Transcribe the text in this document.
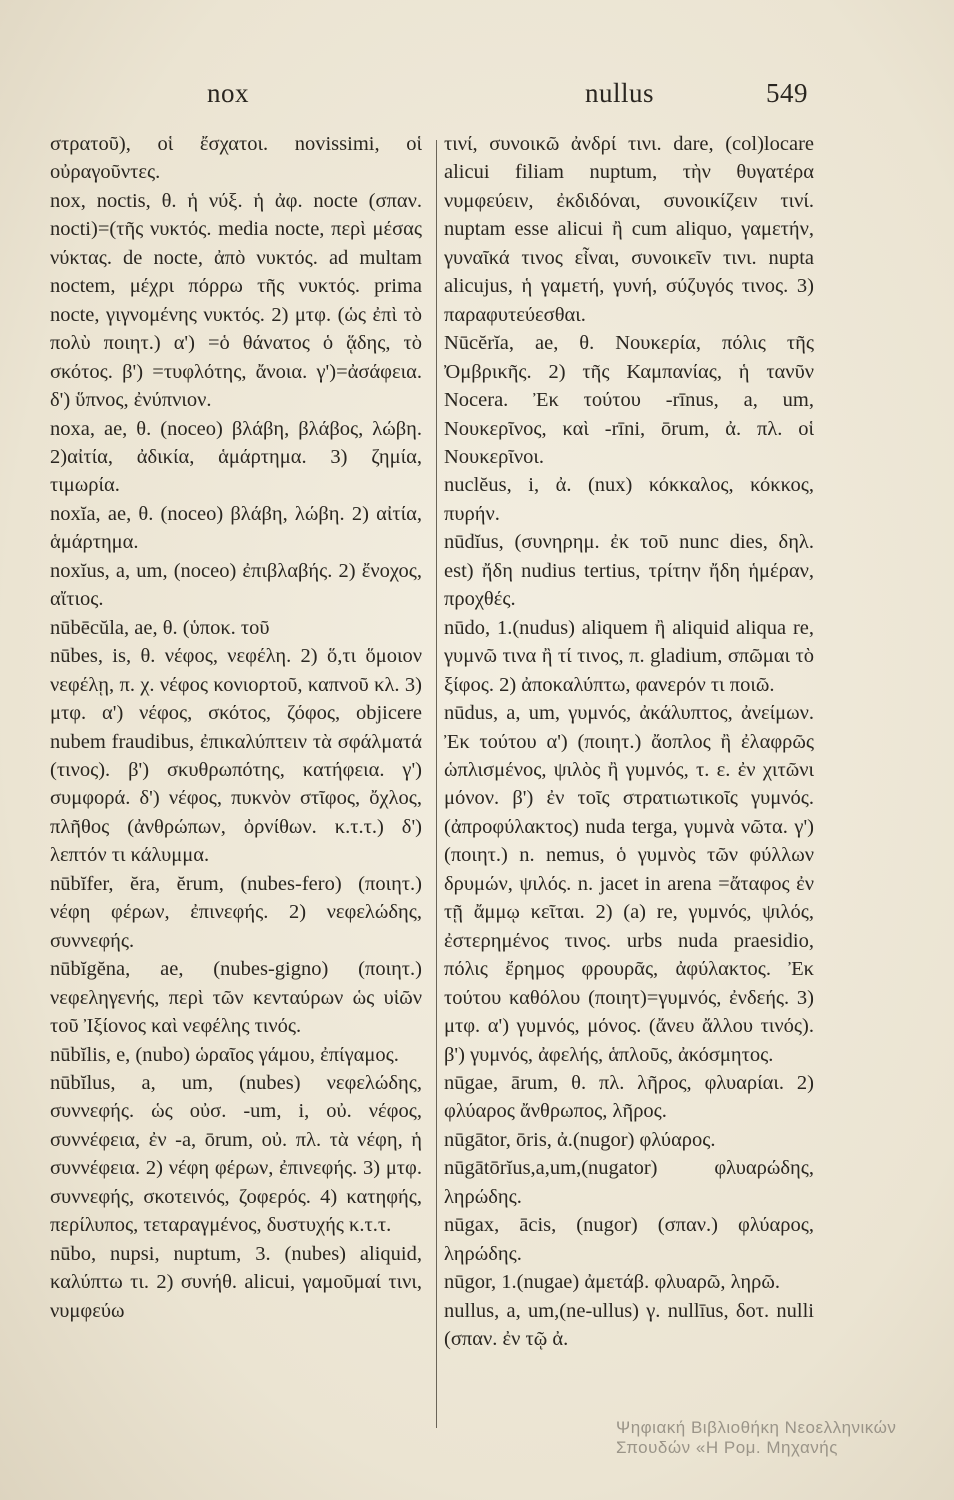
nox	nullus	549

στρατοῦ), οἱ ἔσχατοι. novissimi, οἱ οὐραγοῦντες.

nox, noctis, θ. ἡ νύξ. ἡ ἀφ. nocte (σπαν. nocti)=(τῆς νυκτός. media nocte, περὶ μέσας νύκτας. de nocte, ἀπὸ νυκτός. ad multam noctem, μέχρι πόρρω τῆς νυκτός. prima nocte, γιγνομένης νυκτός. 2) μτφ. (ὡς ἐπὶ τὸ πολὺ ποιητ.) α') =ὁ θάνατος ὁ ᾅδης, τὸ σκότος. β') =τυφλότης, ἄνοια. γ')=ἀσάφεια. δ') ὕπνος, ἐνύπνιον.

noxa, ae, θ. (noceo) βλάβη, βλάβος, λώβη. 2)αἰτία, ἀδικία, ἁμάρτημα. 3) ζημία, τιμωρία.

noxĭa, ae, θ. (noceo) βλάβη, λώβη. 2) αἰτία, ἁμάρτημα.

noxĭus, a, um, (noceo) ἐπιβλαβής. 2) ἔνοχος, αἴτιος.

nūbēcŭla, ae, θ. (ὑποκ. τοῦ

nūbes, is, θ. νέφος, νεφέλη. 2) ὅ,τι ὅμοιον νεφέλῃ, π. χ. νέφος κονιορτοῦ, καπνοῦ κλ. 3) μτφ. α') νέφος, σκότος, ζόφος, objicere nubem fraudibus, ἐπικαλύπτειν τὰ σφάλματά (τινος). β') σκυθρωπότης, κατήφεια. γ') συμφορά. δ') νέφος, πυκνὸν στῖφος, ὄχλος, πλῆθος (ἀνθρώπων, ὀρνίθων. κ.τ.τ.) δ') λεπτόν τι κάλυμμα.

nūbĭfer, ĕra, ĕrum, (nubes-fero) (ποιητ.) νέφη φέρων, ἐπινεφής. 2) νεφελώδης, συννεφής.

nūbĭgĕna, ae, (nubes-gigno) (ποιητ.) νεφεληγενής, περὶ τῶν κενταύρων ὡς υἱῶν τοῦ Ἰξίονος καὶ νεφέλης τινός.

nūbĭlis, e, (nubo) ὡραῖος γάμου, ἐπίγαμος.

nūbĭlus, a, um, (nubes) νεφελώδης, συννεφής. ὡς οὐσ. -um, i, οὐ. νέφος, συννέφεια, ἐν -a, ōrum, οὐ. πλ. τὰ νέφη, ἡ συννέφεια. 2) νέφη φέρων, ἐπινεφής. 3) μτφ. συννεφής, σκοτεινός, ζοφερός. 4) κατηφής, περίλυπος, τεταραγμένος, δυστυχής κ.τ.τ.

nūbo, nupsi, nuptum, 3. (nubes) aliquid, καλύπτω τι. 2) συνήθ. alicui, γαμοῦμαί τινι, νυμφεύω

τινί, συνοικῶ ἀνδρί τινι. dare, (col)locare alicui filiam nuptum, τὴν θυγατέρα νυμφεύειν, ἐκδιδόναι, συνοικίζειν τινί. nuptam esse alicui ἢ cum aliquo, γαμετήν, γυναῖκά τινος εἶναι, συνοικεῖν τινι. nupta alicujus, ἡ γαμετή, γυνή, σύζυγός τινος. 3) παραφυτεύεσθαι.

Nūcĕrĭa, ae, θ. Νουκερία, πόλις τῆς Ὀμβρικῆς. 2) τῆς Καμπανίας, ἡ τανῦν Nocera. Ἐκ τούτου -rīnus, a, um, Νουκερῖνος, καὶ -rīni, ōrum, ἀ. πλ. οἱ Νουκερῖνοι.

nuclĕus, i, ἀ. (nux) κόκκαλος, κόκκος, πυρήν.

nūdĭus, (συνηρημ. ἐκ τοῦ nunc dies, δηλ. est) ἤδη nudius tertius, τρίτην ἤδη ἡμέραν, προχθές.

nūdo, 1.(nudus) aliquem ἢ aliquid aliqua re, γυμνῶ τινα ἢ τί τινος, π. gladium, σπῶμαι τὸ ξίφος. 2) ἀποκαλύπτω, φανερόν τι ποιῶ.

nūdus, a, um, γυμνός, ἀκάλυπτος, ἀνείμων. Ἐκ τούτου α') (ποιητ.) ἄοπλος ἢ ἐλαφρῶς ὡπλισμένος, ψιλὸς ἢ γυμνός, τ. ε. ἐν χιτῶνι μόνον. β') ἐν τοῖς στρατιωτικοῖς γυμνός. (ἀπροφύλακτος) nuda terga, γυμνὰ νῶτα. γ') (ποιητ.) n. nemus, ὁ γυμνὸς τῶν φύλλων δρυμών, ψιλός. n. jacet in arena =ἄταφος ἐν τῇ ἄμμῳ κεῖται. 2) (a) re, γυμνός, ψιλός, ἐστερημένος τινος. urbs nuda praesidio, πόλις ἔρημος φρουρᾶς, ἀφύλακτος. Ἐκ τούτου καθόλου (ποιητ)=γυμνός, ἐνδεής. 3) μτφ. α') γυμνός, μόνος. (ἄνευ ἄλλου τινός). β') γυμνός, ἀφελής, ἁπλοῦς, ἀκόσμητος.

nūgae, ārum, θ. πλ. λῆρος, φλυαρίαι. 2) φλύαρος ἄνθρωπος, λῆρος.

nūgātor, ōris, ἀ.(nugor) φλύαρος.

nūgātōrĭus,a,um,(nugator) φλυαρώδης, ληρώδης.

nūgax, ācis, (nugor) (σπαν.) φλύαρος, ληρώδης.

nūgor, 1.(nugae) ἀμετάβ. φλυαρῶ, ληρῶ.

nullus, a, um,(ne-ullus) γ. nullīus, δοτ. nulli (σπαν. ἐν τῷ ἀ.

Ψηφιακή Βιβλιοθήκη Νεοελληνικών Σπουδών «Η Ρομ. Μηχανής
